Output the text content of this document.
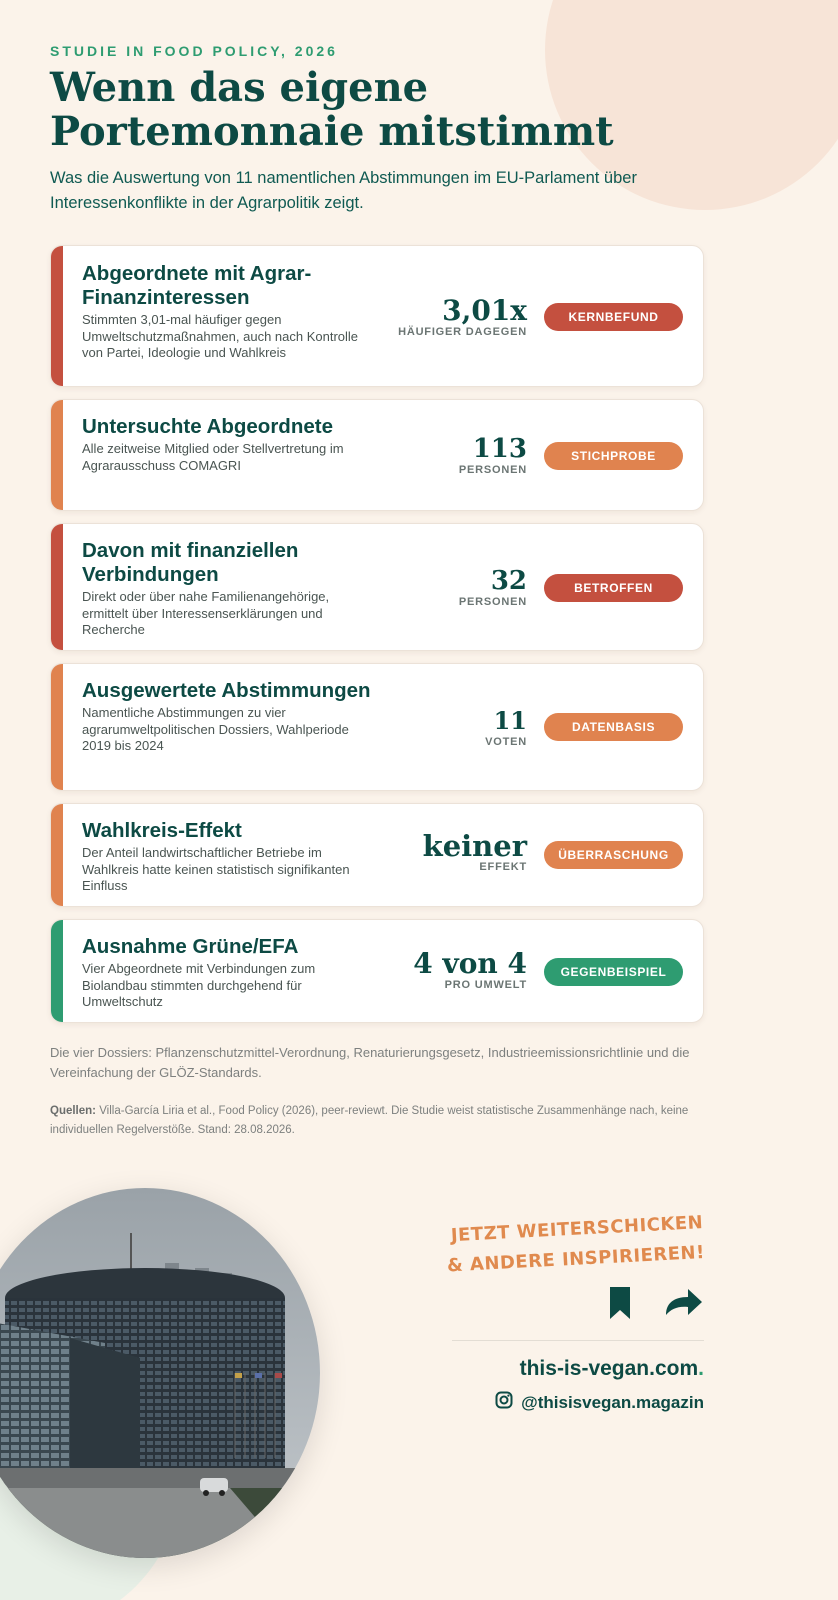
STUDIE IN FOOD POLICY, 2026
Wenn das eigene Portemonnaie mitstimmt

Was die Auswertung von 11 namentlichen Abstimmungen im EU-Parlament über Interessenkonflikte in der Agrarpolitik zeigt.

Abgeordnete mit Agrar-Finanzinteressen

Stimmten 3,01-mal häufiger gegen Umweltschutzmaßnahmen, auch nach Kontrolle von Partei, Ideologie und Wahlkreis

3,01x
HÄUFIGER DAGEGEN
KERNBEFUND
Untersuchte Abgeordnete

Alle zeitweise Mitglied oder Stellvertretung im Agrarausschuss COMAGRI

113
PERSONEN
STICHPROBE
Davon mit finanziellen Verbindungen

Direkt oder über nahe Familienangehörige, ermittelt über Interessenserklärungen und Recherche

32
PERSONEN
BETROFFEN
Ausgewertete Abstimmungen

Namentliche Abstimmungen zu vier agrarumweltpolitischen Dossiers, Wahlperiode 2019 bis 2024

11
VOTEN
DATENBASIS
Wahlkreis-Effekt

Der Anteil landwirtschaftlicher Betriebe im Wahlkreis hatte keinen statistisch signifikanten Einfluss

keiner
EFFEKT
ÜBERRASCHUNG
Ausnahme Grüne/EFA

Vier Abgeordnete mit Verbindungen zum Biolandbau stimmten durchgehend für Umweltschutz

4 von 4
PRO UMWELT
GEGENBEISPIEL

Die vier Dossiers: Pflanzenschutzmittel-Verordnung, Renaturierungsgesetz, Industrieemissionsrichtlinie und die Vereinfachung der GLÖZ-Standards.

Quellen: Villa-García Liria et al., Food Policy (2026), peer-reviewt. Die Studie weist statistische Zusammenhänge nach, keine individuellen Regelverstöße. Stand: 28.08.2026.

JETZT WEITERSCHICKEN
& ANDERE INSPIRIEREN!
this-is-vegan.com.
@thisisvegan.magazin
